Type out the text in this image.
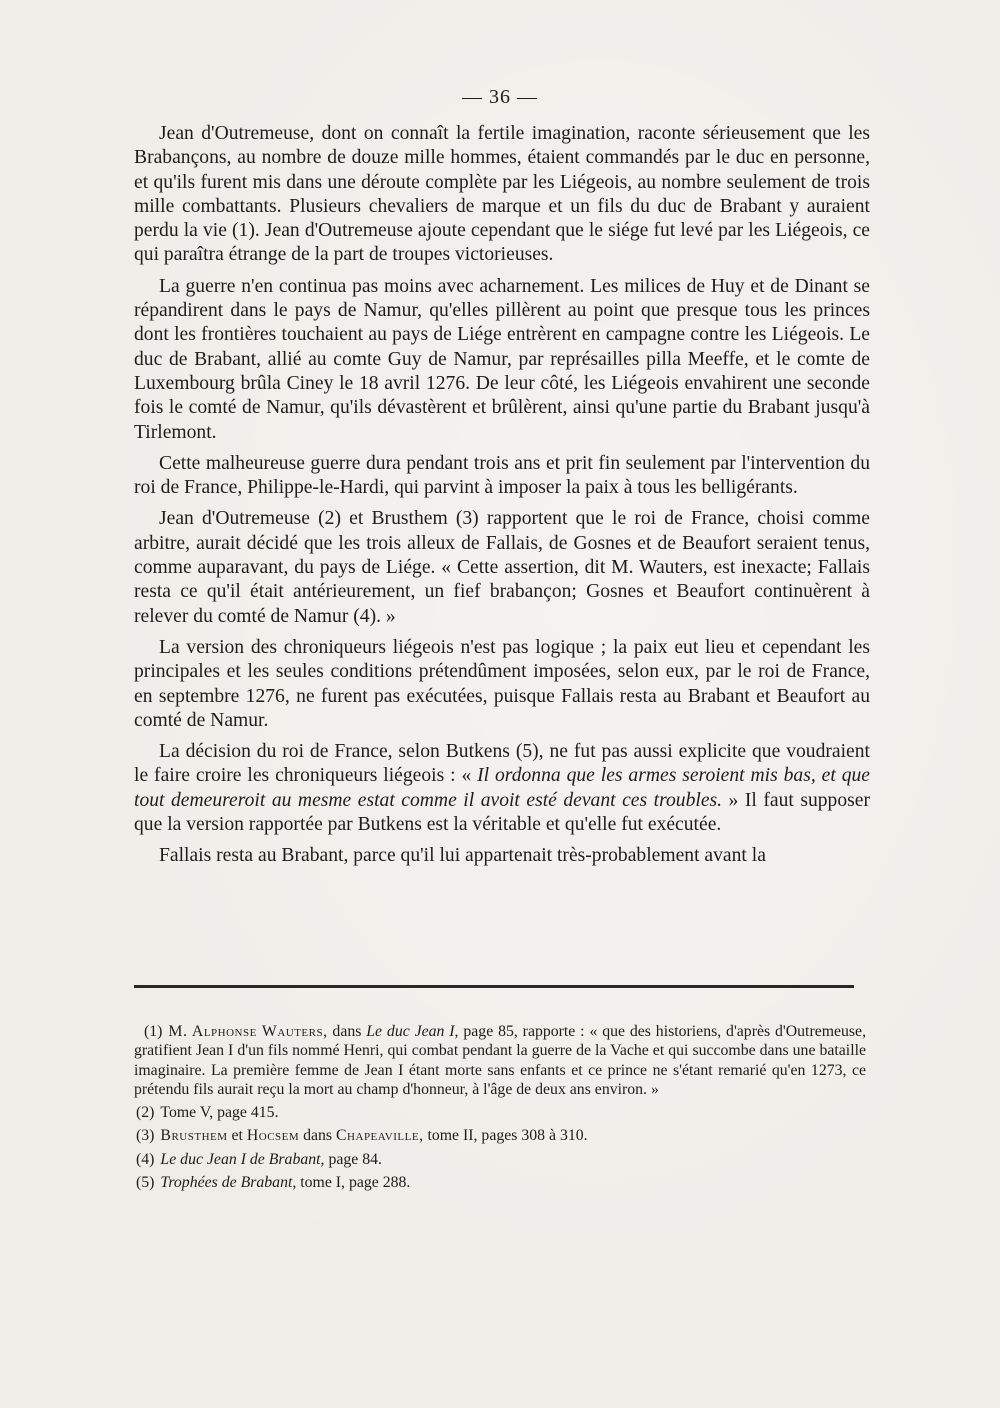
— 36 —

Jean d'Outremeuse, dont on connaît la fertile imagination, raconte sérieusement que les Brabançons, au nombre de douze mille hommes, étaient commandés par le duc en personne, et qu'ils furent mis dans une déroute complète par les Liégeois, au nombre seulement de trois mille combattants. Plusieurs chevaliers de marque et un fils du duc de Brabant y auraient perdu la vie (1). Jean d'Outremeuse ajoute cependant que le siége fut levé par les Liégeois, ce qui paraîtra étrange de la part de troupes victorieuses.

La guerre n'en continua pas moins avec acharnement. Les milices de Huy et de Dinant se répandirent dans le pays de Namur, qu'elles pillèrent au point que presque tous les princes dont les frontières touchaient au pays de Liége entrèrent en campagne contre les Liégeois. Le duc de Brabant, allié au comte Guy de Namur, par représailles pilla Meeffe, et le comte de Luxembourg brûla Ciney le 18 avril 1276. De leur côté, les Liégeois envahirent une seconde fois le comté de Namur, qu'ils dévastèrent et brûlèrent, ainsi qu'une partie du Brabant jusqu'à Tirlemont.

Cette malheureuse guerre dura pendant trois ans et prit fin seulement par l'intervention du roi de France, Philippe-le-Hardi, qui parvint à imposer la paix à tous les belligérants.

Jean d'Outremeuse (2) et Brusthem (3) rapportent que le roi de France, choisi comme arbitre, aurait décidé que les trois alleux de Fallais, de Gosnes et de Beaufort seraient tenus, comme auparavant, du pays de Liége. « Cette assertion, dit M. Wauters, est inexacte; Fallais resta ce qu'il était antérieurement, un fief brabançon; Gosnes et Beaufort continuèrent à relever du comté de Namur (4). »

La version des chroniqueurs liégeois n'est pas logique ; la paix eut lieu et cependant les principales et les seules conditions prétendûment imposées, selon eux, par le roi de France, en septembre 1276, ne furent pas exécutées, puisque Fallais resta au Brabant et Beaufort au comté de Namur.

La décision du roi de France, selon Butkens (5), ne fut pas aussi explicite que voudraient le faire croire les chroniqueurs liégeois : « Il ordonna que les armes seroient mis bas, et que tout demeureroit au mesme estat comme il avoit esté devant ces troubles. » Il faut supposer que la version rapportée par Butkens est la véritable et qu'elle fut exécutée.

Fallais resta au Brabant, parce qu'il lui appartenait très-probablement avant la

(1) M. Alphonse Wauters, dans Le duc Jean I, page 85, rapporte : « que des historiens, d'après d'Outremeuse, gratifient Jean I d'un fils nommé Henri, qui combat pendant la guerre de la Vache et qui succombe dans une bataille imaginaire. La première femme de Jean I étant morte sans enfants et ce prince ne s'étant remarié qu'en 1273, ce prétendu fils aurait reçu la mort au champ d'honneur, à l'âge de deux ans environ. »

(2) Tome V, page 415.

(3) Brusthem et Hocsem dans Chapeaville, tome II, pages 308 à 310.

(4) Le duc Jean I de Brabant, page 84.

(5) Trophées de Brabant, tome I, page 288.
